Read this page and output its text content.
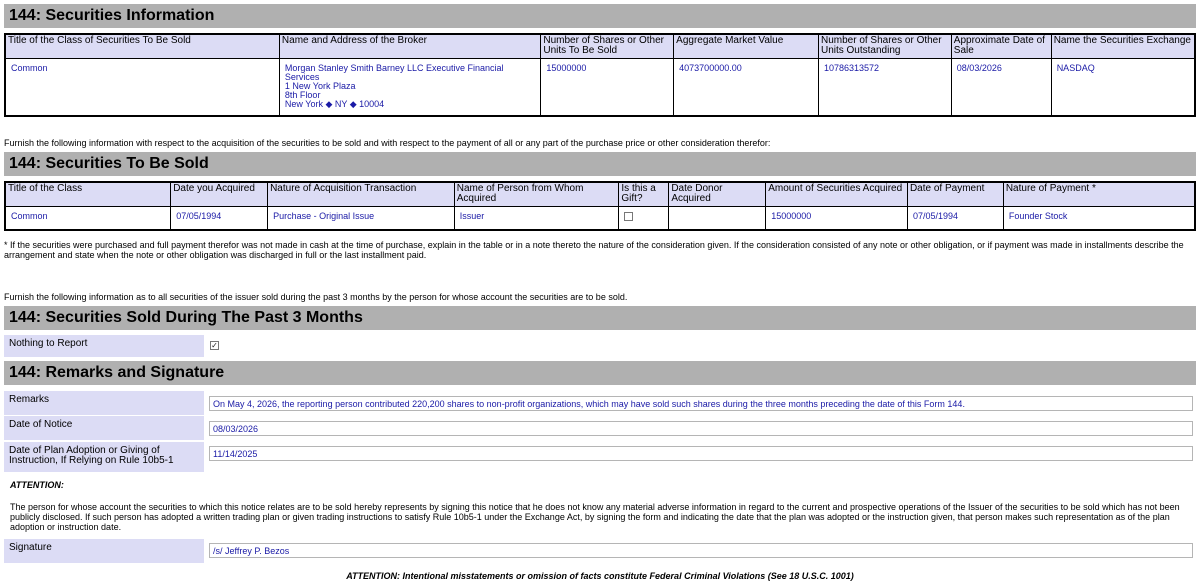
144: Securities Information
Title of the Class of Securities To Be Sold	Name and Address of the Broker	Number of Shares or Other Units To Be Sold	Aggregate Market Value	Number of Shares or Other Units Outstanding	Approximate Date of Sale	Name the Securities Exchange
Common	Morgan Stanley Smith Barney LLC Executive Financial Services
1 New York Plaza
8th Floor
New York ◆ NY ◆ 10004	15000000	4073700000.00	10786313572	08/03/2026	NASDAQ
Furnish the following information with respect to the acquisition of the securities to be sold and with respect to the payment of all or any part of the purchase price or other consideration therefor:
144: Securities To Be Sold
Title of the Class	Date you Acquired	Nature of Acquisition Transaction	Name of Person from Whom Acquired	Is this a Gift?	Date Donor Acquired	Amount of Securities Acquired	Date of Payment	Nature of Payment *
Common	07/05/1994	Purchase - Original Issue	Issuer			15000000	07/05/1994	Founder Stock
* If the securities were purchased and full payment therefor was not made in cash at the time of purchase, explain in the table or in a note thereto the nature of the consideration given. If the consideration consisted of any note or other obligation, or if payment was made in installments describe the arrangement and state when the note or other obligation was discharged in full or the last installment paid.
Furnish the following information as to all securities of the issuer sold during the past 3 months by the person for whose account the securities are to be sold.
144: Securities Sold During The Past 3 Months
Nothing to Report	✓
144: Remarks and Signature
Remarks	On May 4, 2026, the reporting person contributed 220,200 shares to non-profit organizations, which may have sold such shares during the three months preceding the date of this Form 144.
Date of Notice	08/03/2026
Date of Plan Adoption or Giving of Instruction, If Relying on Rule 10b5-1
11/14/2025
ATTENTION:
The person for whose account the securities to which this notice relates are to be sold hereby represents by signing this notice that he does not know any material adverse information in regard to the current and prospective operations of the Issuer of the securities to be sold which has not been publicly disclosed. If such person has adopted a written trading plan or given trading instructions to satisfy Rule 10b5-1 under the Exchange Act, by signing the form and indicating the date that the plan was adopted or the instruction given, that person makes such representation as of the plan adoption or instruction date.
Signature	/s/ Jeffrey P. Bezos
ATTENTION: Intentional misstatements or omission of facts constitute Federal Criminal Violations (See 18 U.S.C. 1001)
